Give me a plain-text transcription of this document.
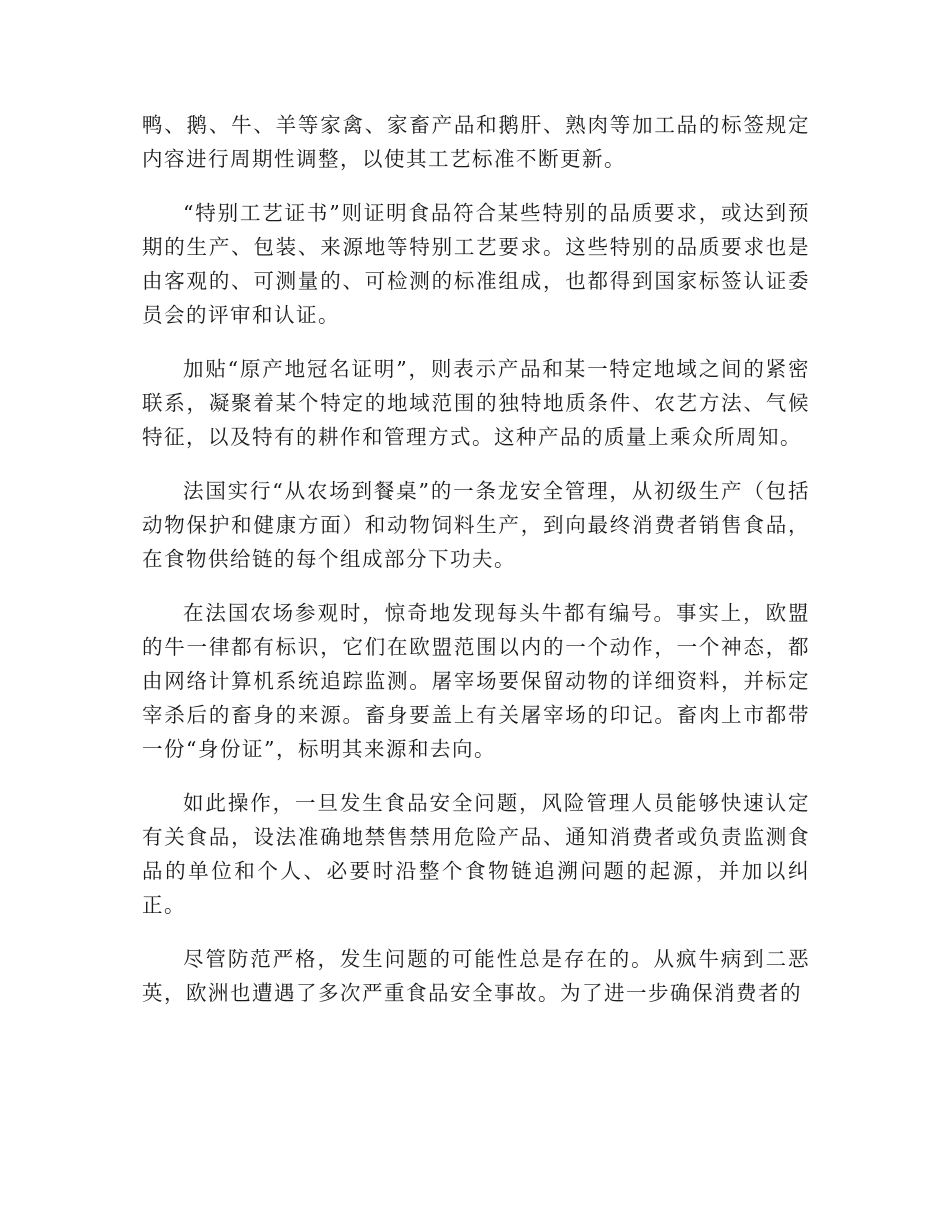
鸭、鹅、牛、羊等家禽、家畜产品和鹅肝、熟肉等加工品的标签规定内容进行周期性调整，以使其工艺标准不断更新。

“特别工艺证书”则证明食品符合某些特别的品质要求，或达到预期的生产、包装、来源地等特别工艺要求。这些特别的品质要求也是由客观的、可测量的、可检测的标准组成，也都得到国家标签认证委员会的评审和认证。

加贴“原产地冠名证明”，则表示产品和某一特定地域之间的紧密联系，凝聚着某个特定的地域范围的独特地质条件、农艺方法、气候特征，以及特有的耕作和管理方式。这种产品的质量上乘众所周知。

法国实行“从农场到餐桌”的一条龙安全管理，从初级生产（包括动物保护和健康方面）和动物饲料生产，到向最终消费者销售食品，在食物供给链的每个组成部分下功夫。

在法国农场参观时，惊奇地发现每头牛都有编号。事实上，欧盟的牛一律都有标识，它们在欧盟范围以内的一个动作，一个神态，都由网络计算机系统追踪监测。屠宰场要保留动物的详细资料，并标定宰杀后的畜身的来源。畜身要盖上有关屠宰场的印记。畜肉上市都带一份“身份证”，标明其来源和去向。

如此操作，一旦发生食品安全问题，风险管理人员能够快速认定有关食品，设法准确地禁售禁用危险产品、通知消费者或负责监测食品的单位和个人、必要时沿整个食物链追溯问题的起源，并加以纠正。

尽管防范严格，发生问题的可能性总是存在的。从疯牛病到二恶英，欧洲也遭遇了多次严重食品安全事故。为了进一步确保消费者的
